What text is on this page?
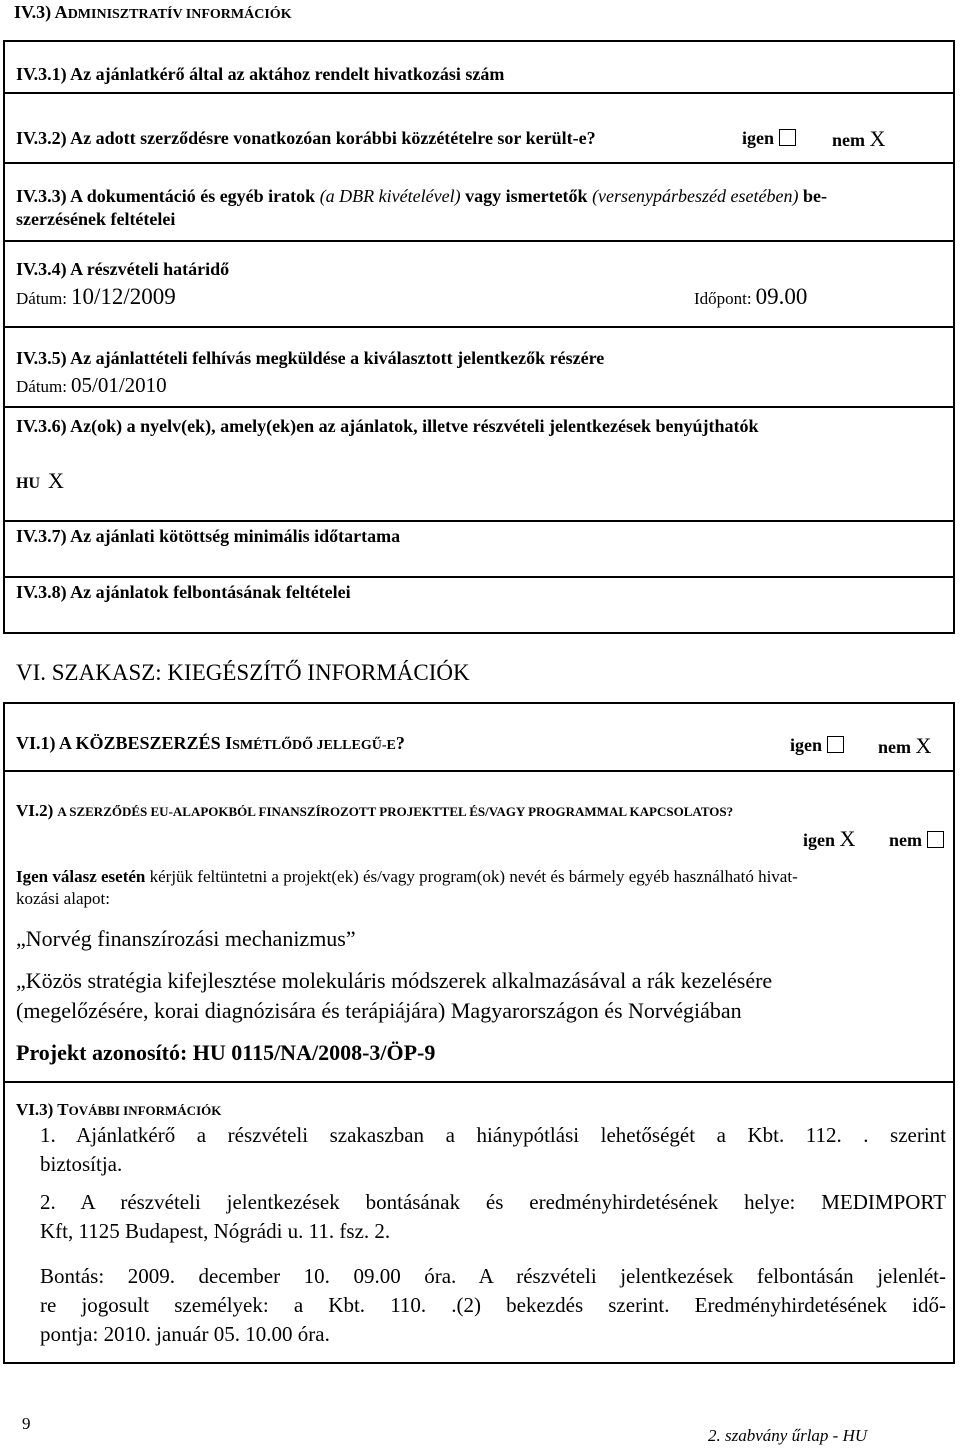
IV.3) ADMINISZTRATÍV INFORMÁCIÓK
IV.3.1) Az ajánlatkérő által az aktához rendelt hivatkozási szám
IV.3.2) Az adott szerződésre vonatkozóan korábbi közzétételre sor került-e?	igen	nem X
IV.3.3) A dokumentáció és egyéb iratok (a DBR kivételével) vagy ismertetők (versenypárbeszéd esetében) be-
szerzésének feltételei
IV.3.4) A részvételi határidő
Dátum: 10/12/2009	Időpont: 09.00
IV.3.5) Az ajánlattételi felhívás megküldése a kiválasztott jelentkezők részére
Dátum: 05/01/2010
IV.3.6) Az(ok) a nyelv(ek), amely(ek)en az ajánlatok, illetve részvételi jelentkezések benyújthatók
HU X
IV.3.7) Az ajánlati kötöttség minimális időtartama
IV.3.8) Az ajánlatok felbontásának feltételei
VI. SZAKASZ: KIEGÉSZÍTŐ INFORMÁCIÓK
VI.1) A KÖZBESZERZÉS ISMÉTLŐDŐ JELLEGŰ-E?	igen	nem X
VI.2) A SZERZŐDÉS EU-ALAPOKBÓL FINANSZÍROZOTT PROJEKTTEL ÉS/VAGY PROGRAMMAL KAPCSOLATOS?
igen X nem
Igen válasz esetén kérjük feltüntetni a projekt(ek) és/vagy program(ok) nevét és bármely egyéb használható hivat-
kozási alapot:
„Norvég finanszírozási mechanizmus”
„Közös stratégia kifejlesztése molekuláris módszerek alkalmazásával a rák kezelésére
(megelőzésére, korai diagnózisára és terápiájára) Magyarországon és Norvégiában
Projekt azonosító: HU 0115/NA/2008-3/ÖP-9
VI.3) TOVÁBBI INFORMÁCIÓK
1. Ajánlatkérő a részvételi szakaszban a hiánypótlási lehetőségét a Kbt. 112. . szerint
biztosítja.
2. A részvételi jelentkezések bontásának és eredményhirdetésének helye: MEDIMPORT
Kft, 1125 Budapest, Nógrádi u. 11. fsz. 2.
Bontás: 2009. december 10. 09.00 óra. A részvételi jelentkezések felbontásán jelenlét-
re jogosult személyek: a Kbt. 110. .(2) bekezdés szerint. Eredményhirdetésének idő-
pontja: 2010. január 05. 10.00 óra.
9
2. szabvány űrlap - HU
